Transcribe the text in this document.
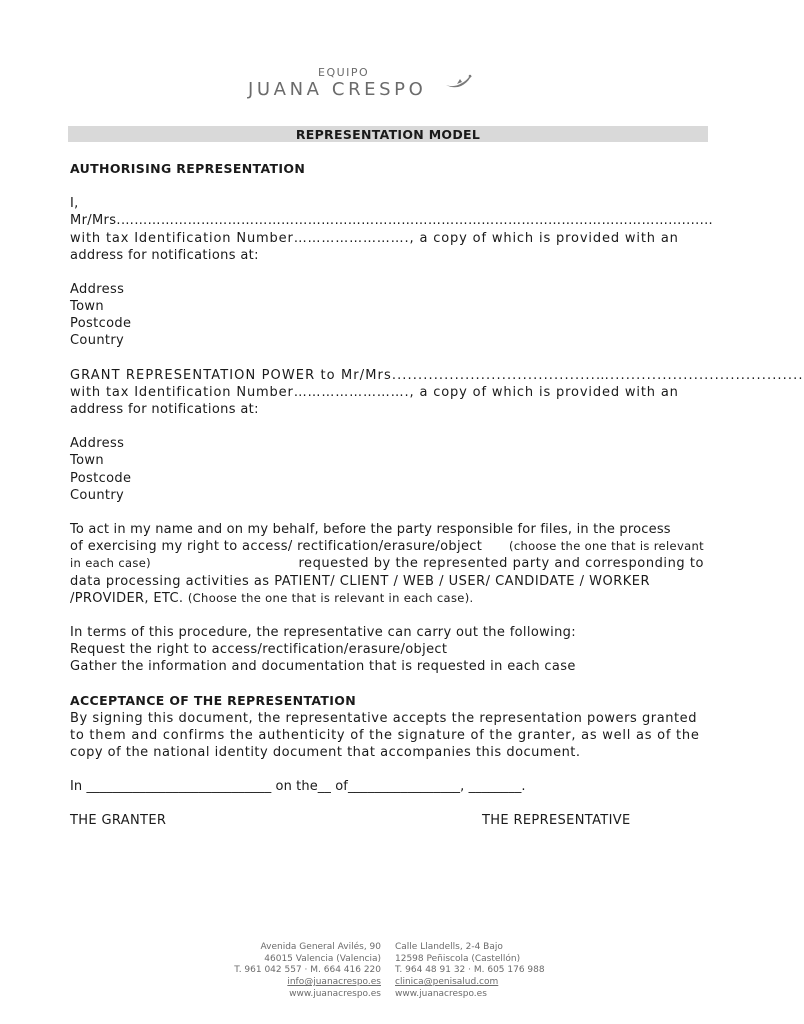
EQUIPO
JUANA CRESPO
REPRESENTATION MODEL
AUTHORISING REPRESENTATION
I,
Mr/Mrs.……………………………………………………………………………………………………………..........
with tax Identification Number……………………., a copy of which is provided with an
address for notifications at:
Address
Town
Postcode
Country
GRANT REPRESENTATION POWER to Mr/Mrs.......................................….....................................
with tax Identification Number……………………., a copy of which is provided with an
address for notifications at:
Address
Town
Postcode
Country
To act in my name and on my behalf, before the party responsible for files, in the process
of exercising my right to access/ rectification/erasure/object (choose the one that is relevant
in each case)	requested by the represented party and corresponding to
data processing activities as PATIENT/ CLIENT / WEB / USER/ CANDIDATE / WORKER
/PROVIDER, ETC. (Choose the one that is relevant in each case).
In terms of this procedure, the representative can carry out the following:
Request the right to access/rectification/erasure/object
Gather the information and documentation that is requested in each case
ACCEPTANCE OF THE REPRESENTATION
By signing this document, the representative accepts the representation powers granted
to them and confirms the authenticity of the signature of the granter, as well as of the
copy of the national identity document that accompanies this document.
In ____________________________ on the__ of_________________, ________.
THE GRANTER	THE REPRESENTATIVE
Avenida General Avilés, 90
46015 Valencia (Valencia)
T. 961 042 557 · M. 664 416 220
info@juanacrespo.es
www.juanacrespo.es
Calle Llandells, 2-4 Bajo
12598 Peñiscola (Castellón)
T. 964 48 91 32 · M. 605 176 988
clinica@penisalud.com
www.juanacrespo.es
